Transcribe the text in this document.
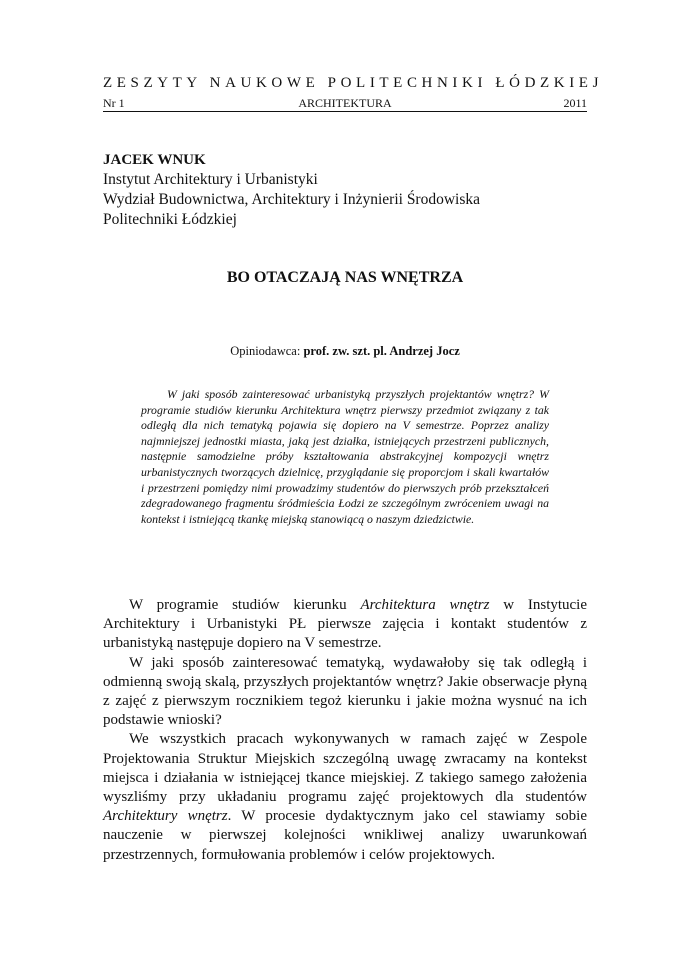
ZESZYTY NAUKOWE POLITECHNIKI ŁÓDZKIEJ
Nr 1	ARCHITEKTURA	2011
JACEK WNUK
Instytut Architektury i Urbanistyki
Wydział Budownictwa, Architektury i Inżynierii Środowiska
Politechniki Łódzkiej
BO OTACZAJĄ NAS WNĘTRZA
Opiniodawca: prof. zw. szt. pl. Andrzej Jocz

W jaki sposób zainteresować urbanistyką przyszłych projektantów wnętrz? W programie studiów kierunku Architektura wnętrz pierwszy przedmiot związany z tak odległą dla nich tematyką pojawia się dopiero na V semestrze. Poprzez analizy najmniejszej jednostki miasta, jaką jest działka, istniejących przestrzeni publicznych, następnie samodzielne próby kształtowania abstrakcyjnej kompozycji wnętrz urbanistycznych tworzących dzielnicę, przyglądanie się proporcjom i skali kwartałów i przestrzeni pomiędzy nimi prowadzimy studentów do pierwszych prób przekształceń zdegradowanego fragmentu śródmieścia Łodzi ze szczególnym zwróceniem uwagi na kontekst i istniejącą tkankę miejską stanowiącą o naszym dziedzictwie.

W programie studiów kierunku Architektura wnętrz w Instytucie Architektury i Urbanistyki PŁ pierwsze zajęcia i kontakt studentów z urbanistyką następuje dopiero na V semestrze.

W jaki sposób zainteresować tematyką, wydawałoby się tak odległą i odmienną swoją skalą, przyszłych projektantów wnętrz? Jakie obserwacje płyną z zajęć z pierwszym rocznikiem tegoż kierunku i jakie można wysnuć na ich podstawie wnioski?

We wszystkich pracach wykonywanych w ramach zajęć w Zespole Projektowania Struktur Miejskich szczególną uwagę zwracamy na kontekst miejsca i działania w istniejącej tkance miejskiej. Z takiego samego założenia wyszliśmy przy układaniu programu zajęć projektowych dla studentów Architektury wnętrz. W procesie dydaktycznym jako cel stawiamy sobie nauczenie w pierwszej kolejności wnikliwej analizy uwarunkowań przestrzennych, formułowania problemów i celów projektowych.
